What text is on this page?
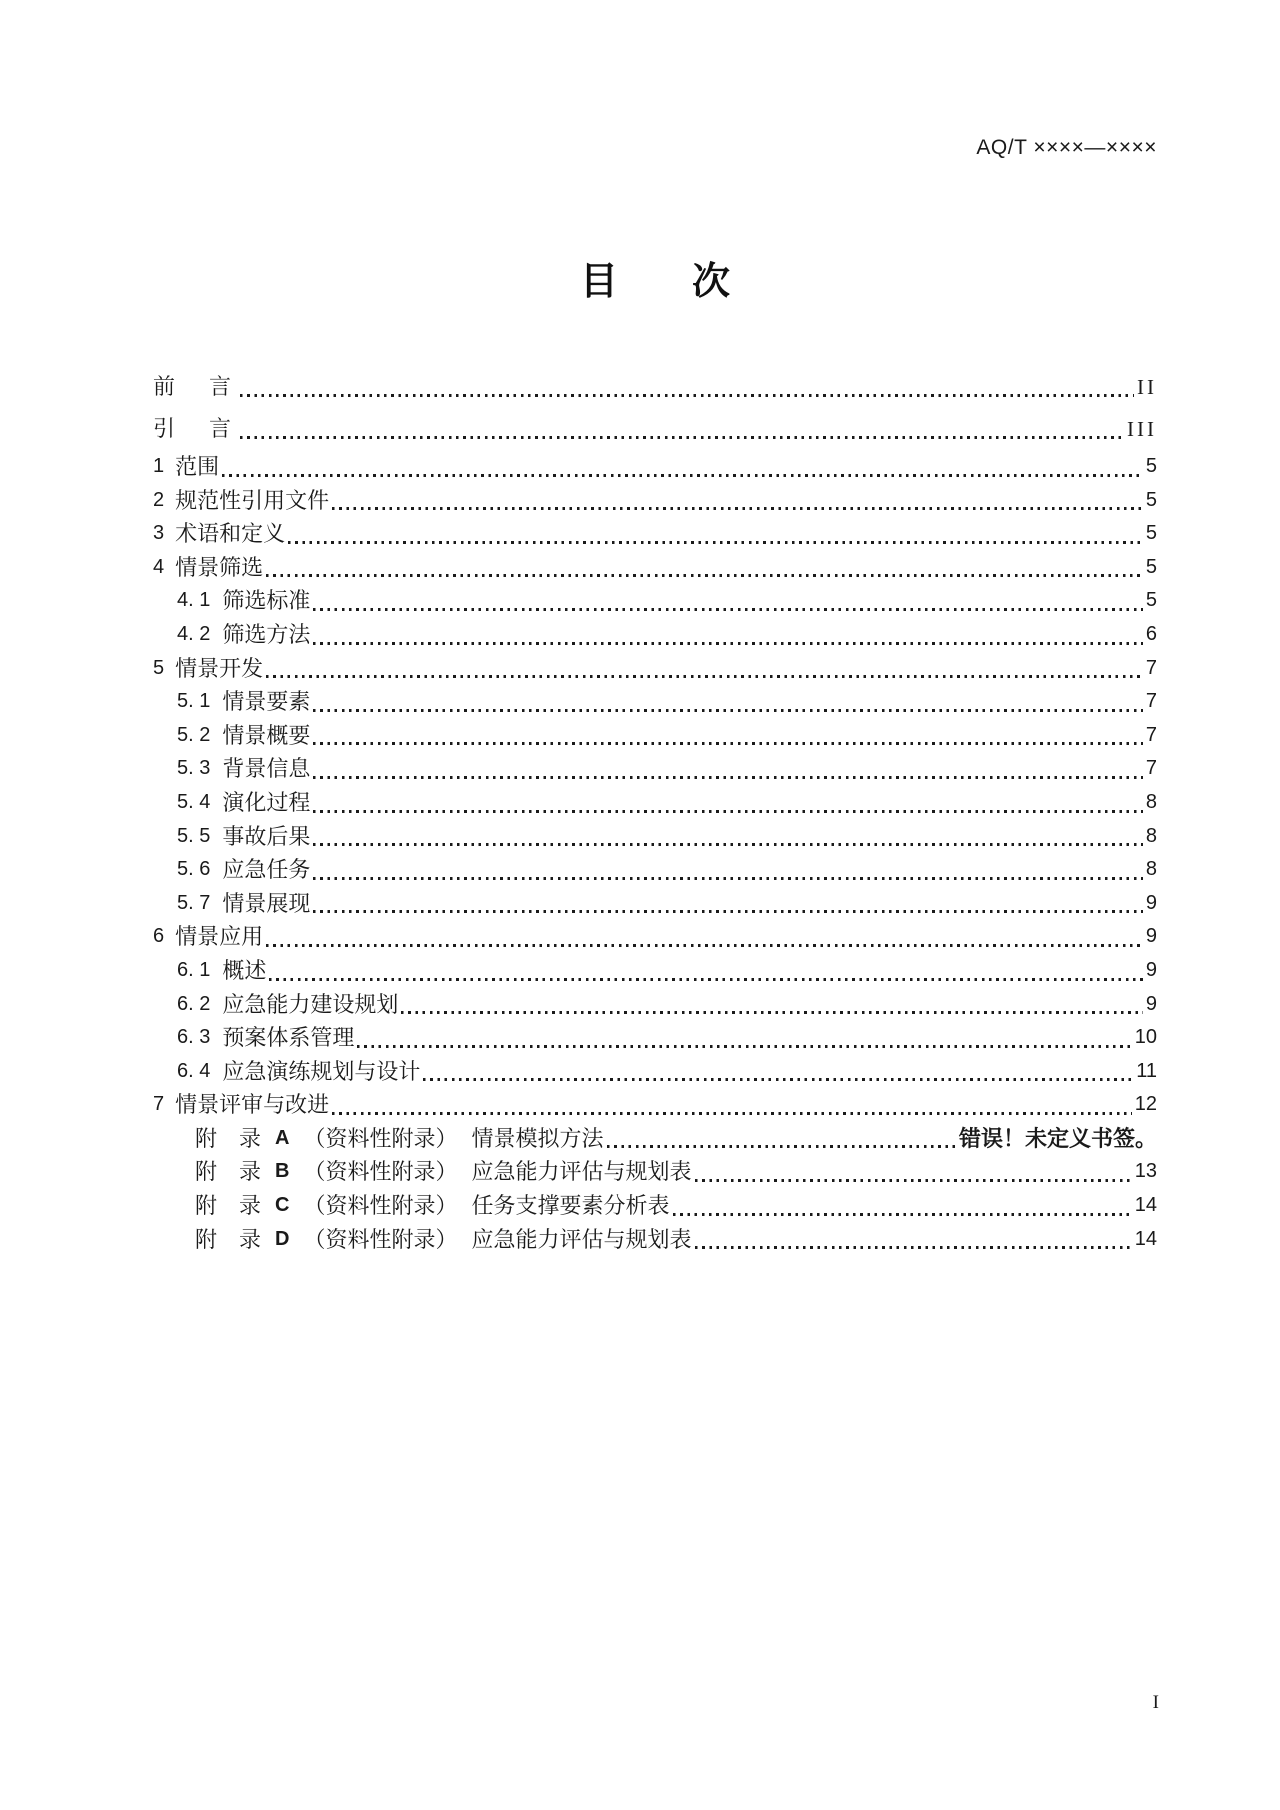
AQ/T ××××—××××
目 次
前　言	II
引　言	III
1 范围	5
2 规范性引用文件	5
3 术语和定义	5
4 情景筛选	5
4. 1 筛选标准	5
4. 2 筛选方法	6
5 情景开发	7
5. 1 情景要素	7
5. 2 情景概要	7
5. 3 背景信息	7
5. 4 演化过程	8
5. 5 事故后果	8
5. 6 应急任务	8
5. 7 情景展现	9
6 情景应用	9
6. 1 概述	9
6. 2 应急能力建设规划	9
6. 3 预案体系管理	10
6. 4 应急演练规划与设计	11
7 情景评审与改进	12
附　录 A （资料性附录） 情景模拟方法	错误！未定义书签。
附　录 B （资料性附录） 应急能力评估与规划表	13
附　录 C （资料性附录） 任务支撑要素分析表	14
附　录 D （资料性附录） 应急能力评估与规划表	14
I
